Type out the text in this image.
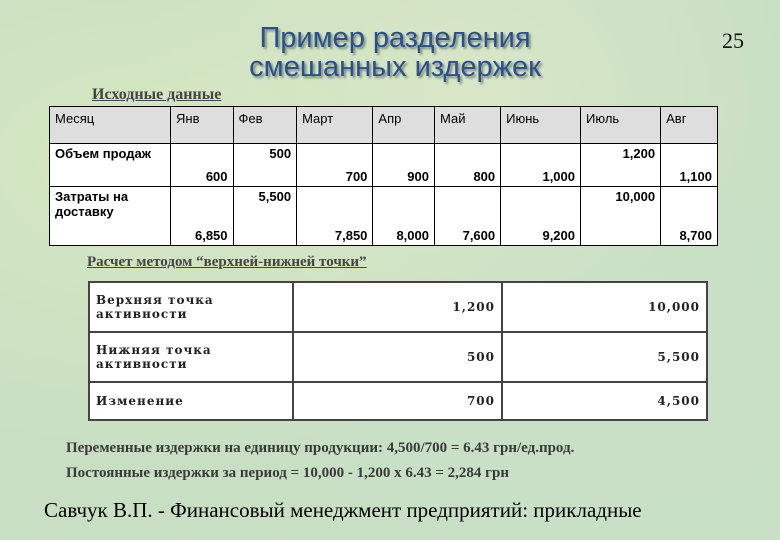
Пример разделения
смешанных издержек
25
Исходные данные
Месяц	Янв	Фев	Март	Апр	Май	Июнь	Июль	Авг
Объем продаж	600	500	700	900	800	1,000	1,200	1,100

Затраты на доставку	6,850	5,500	7,850	8,000	7,600	9,200	10,000	8,700
Расчет методом “верхней-нижней точки”
Верхняя точка активности	1,200	10,000
Нижняя точка активности	500	5,500
Изменение	700	4,500
Переменные издержки на единицу продукции: 4,500/700 = 6.43 грн/ед.прод.
Постоянные издержки за период = 10,000 - 1,200 х 6.43 = 2,284 грн
Савчук В.П. - Финансовый менеджмент предприятий: прикладные
